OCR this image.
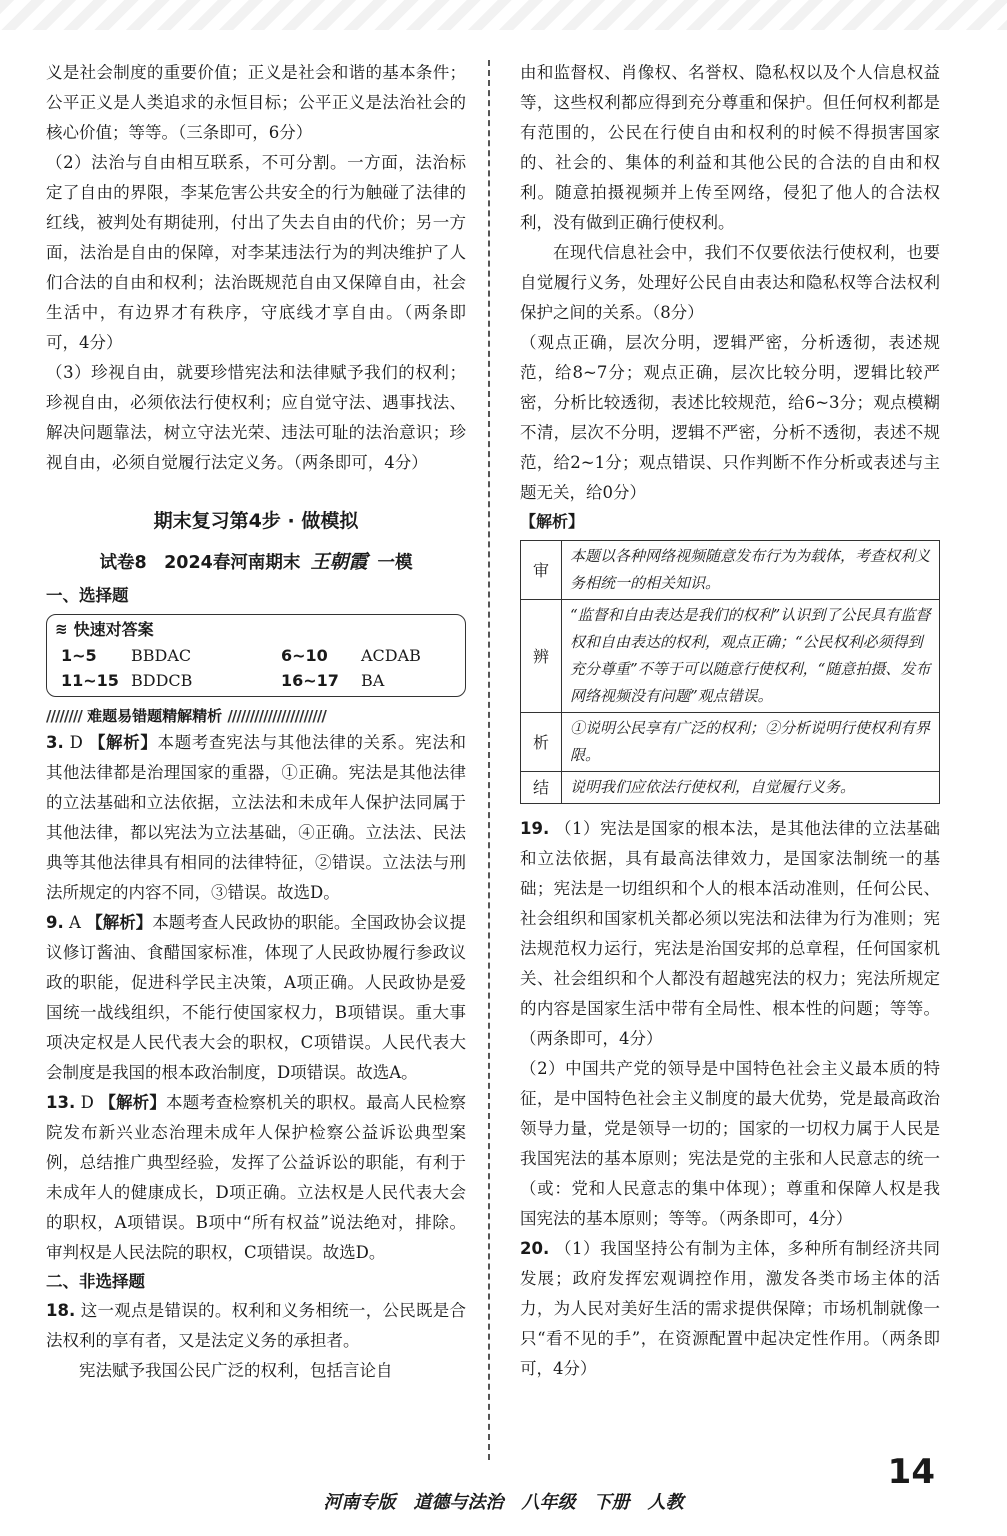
义是社会制度的重要价值；正义是社会和谐的基本条件；公平正义是人类追求的永恒目标；公平正义是法治社会的核心价值；等等。（三条即可，6分）

（2）法治与自由相互联系，不可分割。一方面，法治标定了自由的界限，李某危害公共安全的行为触碰了法律的红线，被判处有期徒刑，付出了失去自由的代价；另一方面，法治是自由的保障，对李某违法行为的判决维护了人们合法的自由和权利；法治既规范自由又保障自由，社会生活中，有边界才有秩序，守底线才享自由。（两条即可，4分）

（3）珍视自由，就要珍惜宪法和法律赋予我们的权利；珍视自由，必须依法行使权利；应自觉守法、遇事找法、解决问题靠法，树立守法光荣、违法可耻的法治意识；珍视自由，必须自觉履行法定义务。（两条即可，4分）

期末复习第4步 · 做模拟
试卷8　2024春河南期末 王朝霞 一模
一、选择题
≋ 快速对答案
1~5	BBDAC	6~10	ACDAB
11~15 BDDCB	16~17	BA
//////// 难题易错题精解精析 //////////////////////

3. D 【解析】本题考查宪法与其他法律的关系。宪法和其他法律都是治理国家的重器，①正确。宪法是其他法律的立法基础和立法依据，立法法和未成年人保护法同属于其他法律，都以宪法为立法基础，④正确。立法法、民法典等其他法律具有相同的法律特征，②错误。立法法与刑法所规定的内容不同，③错误。故选D。

9. A 【解析】本题考查人民政协的职能。全国政协会议提议修订酱油、食醋国家标准，体现了人民政协履行参政议政的职能，促进科学民主决策，A项正确。人民政协是爱国统一战线组织，不能行使国家权力，B项错误。重大事项决定权是人民代表大会的职权，C项错误。人民代表大会制度是我国的根本政治制度，D项错误。故选A。

13. D 【解析】本题考查检察机关的职权。最高人民检察院发布新兴业态治理未成年人保护检察公益诉讼典型案例，总结推广典型经验，发挥了公益诉讼的职能，有利于未成年人的健康成长，D项正确。立法权是人民代表大会的职权，A项错误。B项中“所有权益”说法绝对，排除。审判权是人民法院的职权，C项错误。故选D。

二、非选择题

18. 这一观点是错误的。权利和义务相统一，公民既是合法权利的享有者，又是法定义务的承担者。

宪法赋予我国公民广泛的权利，包括言论自

由和监督权、肖像权、名誉权、隐私权以及个人信息权益等，这些权利都应得到充分尊重和保护。但任何权利都是有范围的，公民在行使自由和权利的时候不得损害国家的、社会的、集体的利益和其他公民的合法的自由和权利。随意拍摄视频并上传至网络，侵犯了他人的合法权利，没有做到正确行使权利。

在现代信息社会中，我们不仅要依法行使权利，也要自觉履行义务，处理好公民自由表达和隐私权等合法权利保护之间的关系。（8分）

（观点正确，层次分明，逻辑严密，分析透彻，表述规范，给8~7分；观点正确，层次比较分明，逻辑比较严密，分析比较透彻，表述比较规范，给6~3分；观点模糊不清，层次不分明，逻辑不严密，分析不透彻，表述不规范，给2~1分；观点错误、只作判断不作分析或表述与主题无关，给0分）

【解析】
审	本题以各种网络视频随意发布行为为载体，考查权利义务相统一的相关知识。
辨	“监督和自由表达是我们的权利”认识到了公民具有监督权和自由表达的权利，观点正确；“公民权利必须得到充分尊重”不等于可以随意行使权利，“随意拍摄、发布网络视频没有问题”观点错误。
析	①说明公民享有广泛的权利；②分析说明行使权利有界限。
结	说明我们应依法行使权利，自觉履行义务。

19. （1）宪法是国家的根本法，是其他法律的立法基础和立法依据，具有最高法律效力，是国家法制统一的基础；宪法是一切组织和个人的根本活动准则，任何公民、社会组织和国家机关都必须以宪法和法律为行为准则；宪法规范权力运行，宪法是治国安邦的总章程，任何国家机关、社会组织和个人都没有超越宪法的权力；宪法所规定的内容是国家生活中带有全局性、根本性的问题；等等。（两条即可，4分）

（2）中国共产党的领导是中国特色社会主义最本质的特征，是中国特色社会主义制度的最大优势，党是最高政治领导力量，党是领导一切的；国家的一切权力属于人民是我国宪法的基本原则；宪法是党的主张和人民意志的统一（或：党和人民意志的集中体现）；尊重和保障人权是我国宪法的基本原则；等等。（两条即可，4分）

20. （1）我国坚持公有制为主体，多种所有制经济共同发展；政府发挥宏观调控作用，激发各类市场主体的活力，为人民对美好生活的需求提供保障；市场机制就像一只“看不见的手”，在资源配置中起决定性作用。（两条即可，4分）

河南专版　道德与法治　八年级　下册　人教
14
